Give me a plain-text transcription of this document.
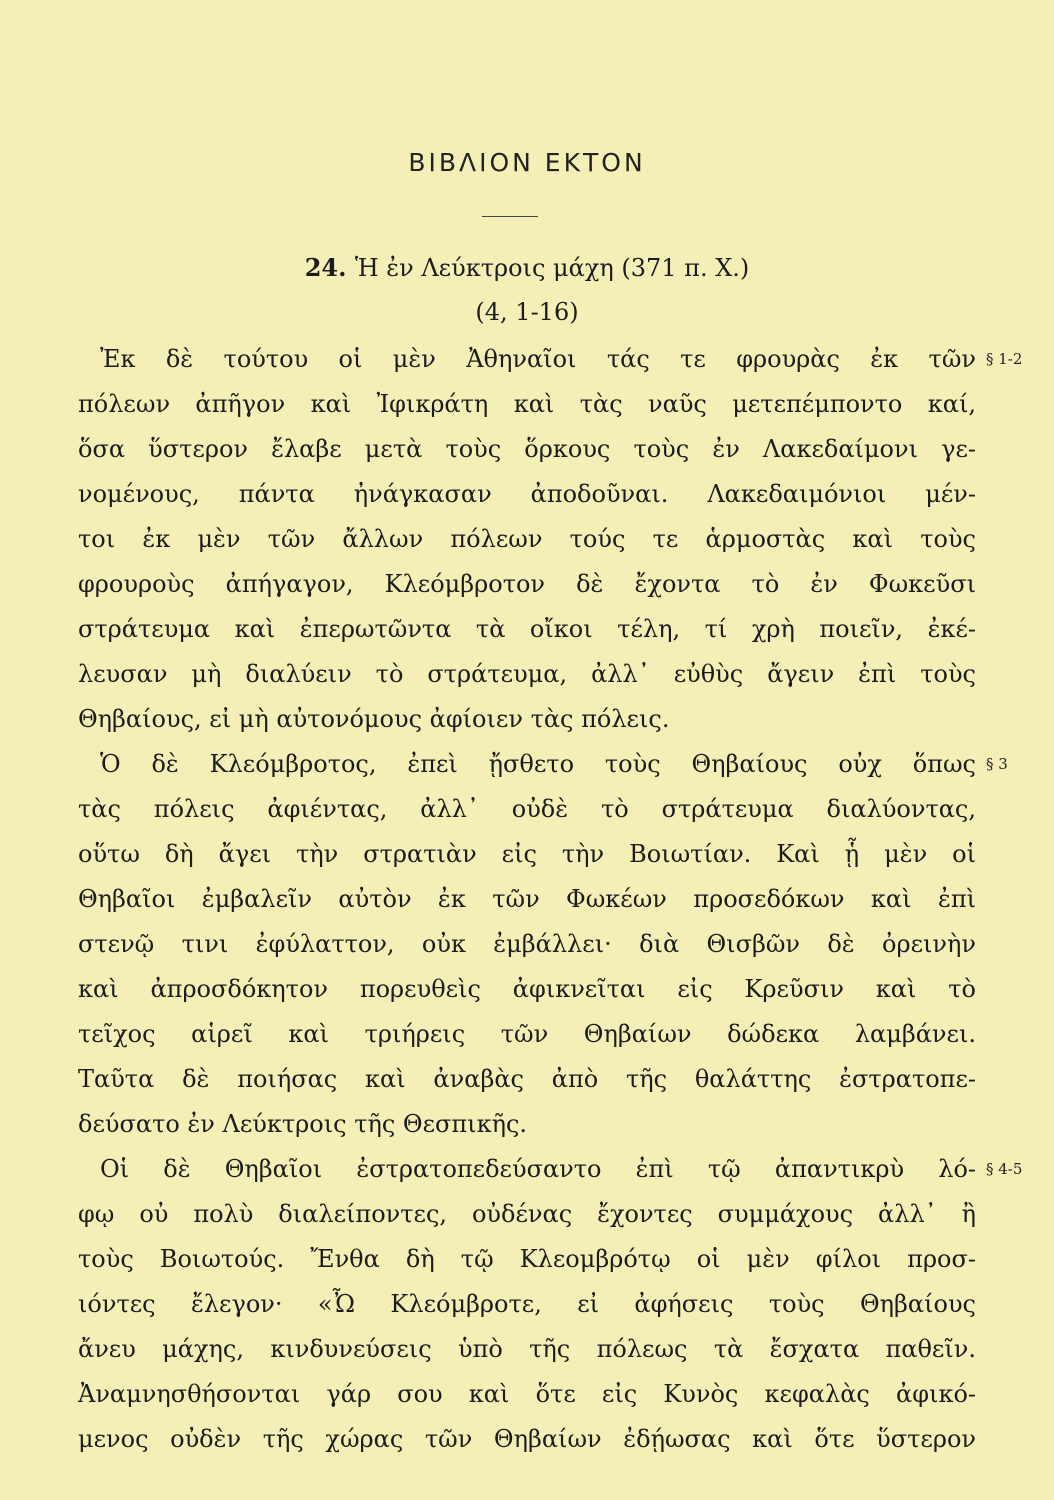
ΒΙΒΛΙΟΝ ΕΚΤΟΝ
24. Ἡ ἐν Λεύκτροις μάχη (371 π. Χ.)
(4, 1-16)
Ἐκ δὲ τούτου οἱ μὲν Ἀθηναῖοι τάς τε φρουρὰς ἐκ τῶν
πόλεων ἀπῆγον καὶ Ἰφικράτη καὶ τὰς ναῦς μετεπέμποντο καί,
ὅσα ὕστερον ἔλαβε μετὰ τοὺς ὅρκους τοὺς ἐν Λακεδαίμονι γε-
νομένους, πάντα ἠνάγκασαν ἀποδοῦναι. Λακεδαιμόνιοι μέν-
τοι ἐκ μὲν τῶν ἄλλων πόλεων τούς τε ἁρμοστὰς καὶ τοὺς
φρουροὺς ἀπήγαγον, Κλεόμβροτον δὲ ἔχοντα τὸ ἐν Φωκεῦσι
στράτευμα καὶ ἐπερωτῶντα τὰ οἴκοι τέλη, τί χρὴ ποιεῖν, ἐκέ-
λευσαν μὴ διαλύειν τὸ στράτευμα, ἀλλ᾿ εὐθὺς ἄγειν ἐπὶ τοὺς
Θηβαίους, εἰ μὴ αὐτονόμους ἀφίοιεν τὰς πόλεις.
Ὁ δὲ Κλεόμβροτος, ἐπεὶ ᾔσθετο τοὺς Θηβαίους οὐχ ὅπως
τὰς πόλεις ἀφιέντας, ἀλλ᾿ οὐδὲ τὸ στράτευμα διαλύοντας,
οὕτω δὴ ἄγει τὴν στρατιὰν εἰς τὴν Βοιωτίαν. Καὶ ᾗ μὲν οἱ
Θηβαῖοι ἐμβαλεῖν αὐτὸν ἐκ τῶν Φωκέων προσεδόκων καὶ ἐπὶ
στενῷ τινι ἐφύλαττον, οὐκ ἐμβάλλει· διὰ Θισβῶν δὲ ὀρεινὴν
καὶ ἀπροσδόκητον πορευθεὶς ἀφικνεῖται εἰς Κρεῦσιν καὶ τὸ
τεῖχος αἱρεῖ καὶ τριήρεις τῶν Θηβαίων δώδεκα λαμβάνει.
Ταῦτα δὲ ποιήσας καὶ ἀναβὰς ἀπὸ τῆς θαλάττης ἐστρατοπε-
δεύσατο ἐν Λεύκτροις τῆς Θεσπικῆς.
Οἱ δὲ Θηβαῖοι ἐστρατοπεδεύσαντο ἐπὶ τῷ ἀπαντικρὺ λό-
φῳ οὐ πολὺ διαλείποντες, οὐδένας ἔχοντες συμμάχους ἀλλ᾿ ἢ
τοὺς Βοιωτούς. Ἔνθα δὴ τῷ Κλεομβρότῳ οἱ μὲν φίλοι προσ-
ιόντες ἔλεγον· «Ὦ Κλεόμβροτε, εἰ ἀφήσεις τοὺς Θηβαίους
ἄνευ μάχης, κινδυνεύσεις ὑπὸ τῆς πόλεως τὰ ἔσχατα παθεῖν.
Ἀναμνησθήσονται γάρ σου καὶ ὅτε εἰς Κυνὸς κεφαλὰς ἀφικό-
μενος οὐδὲν τῆς χώρας τῶν Θηβαίων ἐδῄωσας καὶ ὅτε ὕστερον
§ 1-2
§ 3
§ 4-5
